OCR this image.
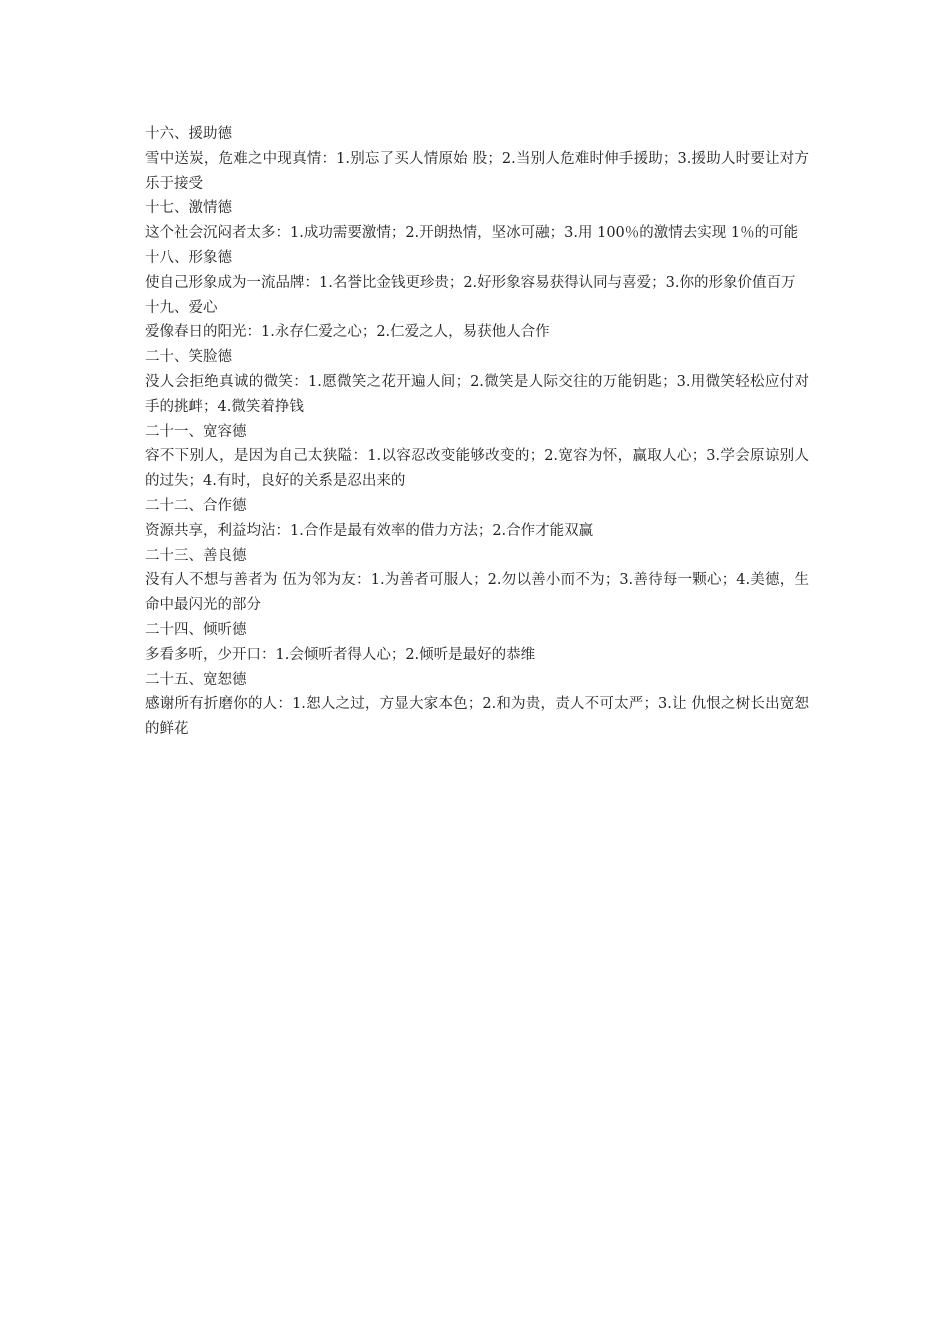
十六、援助德

雪中送炭，危难之中现真情：1.别忘了买人情原始 股；2.当别人危难时伸手援助；3.援助人时要让对方乐于接受

十七、激情德

这个社会沉闷者太多：1.成功需要激情；2.开朗热情，坚冰可融；3.用 100％的激情去实现 1％的可能

十八、形象德

使自己形象成为一流品牌：1.名誉比金钱更珍贵；2.好形象容易获得认同与喜爱；3.你的形象价值百万

十九、爱心

爱像春日的阳光：1.永存仁爱之心；2.仁爱之人，易获他人合作

二十、笑脸德

没人会拒绝真诚的微笑：1.愿微笑之花开遍人间；2.微笑是人际交往的万能钥匙；3.用微笑轻松应付对手的挑衅；4.微笑着挣钱

二十一、宽容德

容不下别人，是因为自己太狭隘：1.以容忍改变能够改变的；2.宽容为怀，赢取人心；3.学会原谅别人的过失；4.有时，良好的关系是忍出来的

二十二、合作德

资源共享，利益均沾：1.合作是最有效率的借力方法；2.合作才能双赢

二十三、善良德

没有人不想与善者为 伍为邻为友：1.为善者可服人；2.勿以善小而不为；3.善待每一颗心；4.美德，生命中最闪光的部分

二十四、倾听德

多看多听，少开口：1.会倾听者得人心；2.倾听是最好的恭维

二十五、宽恕德

感谢所有折磨你的人：1.恕人之过，方显大家本色；2.和为贵，责人不可太严；3.让 仇恨之树长出宽恕的鲜花
